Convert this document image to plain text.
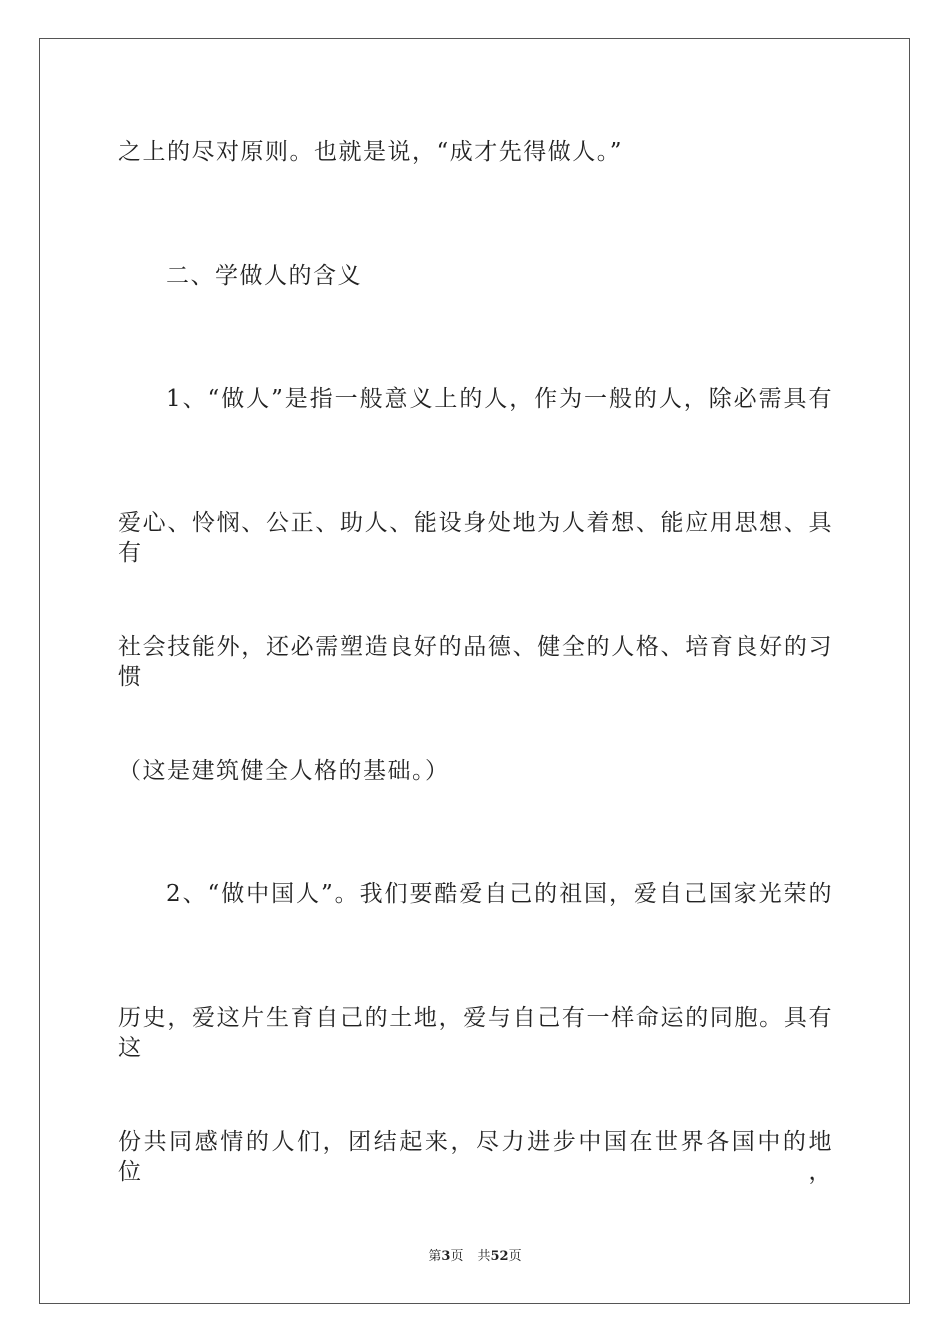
之上的尽对原则。也就是说，“成才先得做人。”
二、学做人的含义
1、“做人”是指一般意义上的人，作为一般的人，除必需具有
爱心、怜悯、公正、助人、能设身处地为人着想、能应用思想、具有
社会技能外，还必需塑造良好的品德、健全的人格、培育良好的习惯
（这是建筑健全人格的基础。）
2、“做中国人”。我们要酷爱自己的祖国，爱自己国家光荣的
历史，爱这片生育自己的土地，爱与自己有一样命运的同胞。具有这
份共同感情的人们，团结起来，尽力进步中国在世界各国中的地位，
第3页 共52页
